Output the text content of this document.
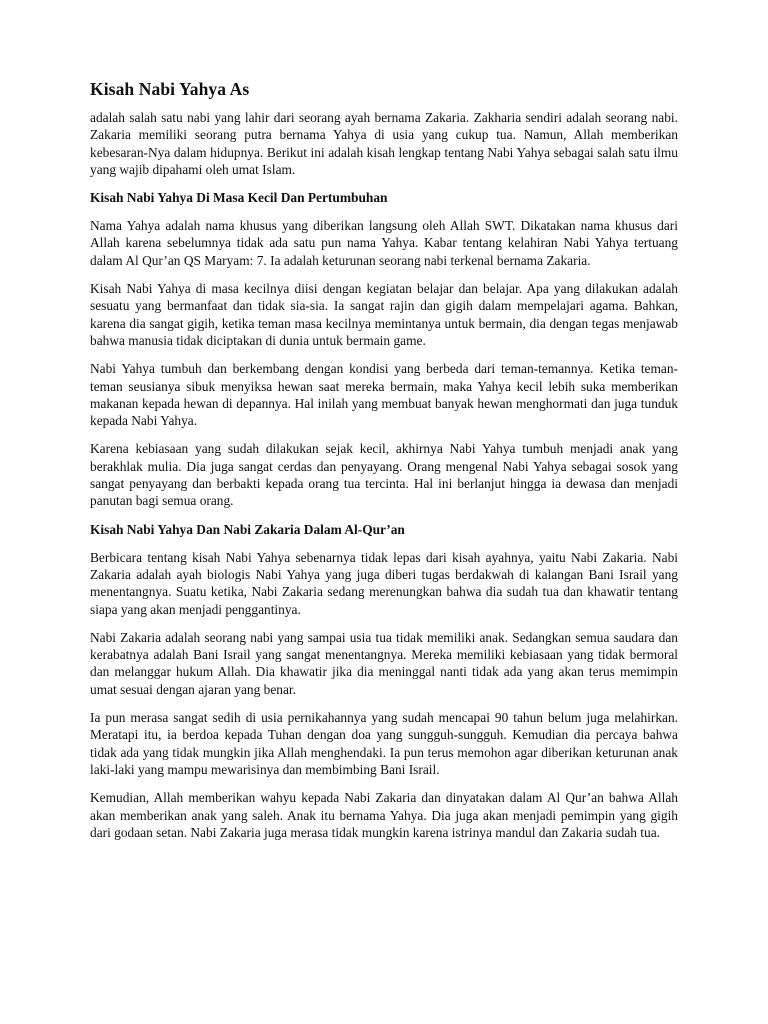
Kisah Nabi Yahya As

adalah salah satu nabi yang lahir dari seorang ayah bernama Zakaria. Zakharia sendiri adalah seorang nabi. Zakaria memiliki seorang putra bernama Yahya di usia yang cukup tua. Namun, Allah memberikan kebesaran-Nya dalam hidupnya. Berikut ini adalah kisah lengkap tentang Nabi Yahya sebagai salah satu ilmu yang wajib dipahami oleh umat Islam.

Kisah Nabi Yahya Di Masa Kecil Dan Pertumbuhan

Nama Yahya adalah nama khusus yang diberikan langsung oleh Allah SWT. Dikatakan nama khusus dari Allah karena sebelumnya tidak ada satu pun nama Yahya. Kabar tentang kelahiran Nabi Yahya tertuang dalam Al Qur’an QS Maryam: 7. Ia adalah keturunan seorang nabi terkenal bernama Zakaria.

Kisah Nabi Yahya di masa kecilnya diisi dengan kegiatan belajar dan belajar. Apa yang dilakukan adalah sesuatu yang bermanfaat dan tidak sia-sia. Ia sangat rajin dan gigih dalam mempelajari agama. Bahkan, karena dia sangat gigih, ketika teman masa kecilnya memintanya untuk bermain, dia dengan tegas menjawab bahwa manusia tidak diciptakan di dunia untuk bermain game.

Nabi Yahya tumbuh dan berkembang dengan kondisi yang berbeda dari teman-temannya. Ketika teman-teman seusianya sibuk menyiksa hewan saat mereka bermain, maka Yahya kecil lebih suka memberikan makanan kepada hewan di depannya. Hal inilah yang membuat banyak hewan menghormati dan juga tunduk kepada Nabi Yahya.

Karena kebiasaan yang sudah dilakukan sejak kecil, akhirnya Nabi Yahya tumbuh menjadi anak yang berakhlak mulia. Dia juga sangat cerdas dan penyayang. Orang mengenal Nabi Yahya sebagai sosok yang sangat penyayang dan berbakti kepada orang tua tercinta. Hal ini berlanjut hingga ia dewasa dan menjadi panutan bagi semua orang.

Kisah Nabi Yahya Dan Nabi Zakaria Dalam Al-Qur’an

Berbicara tentang kisah Nabi Yahya sebenarnya tidak lepas dari kisah ayahnya, yaitu Nabi Zakaria. Nabi Zakaria adalah ayah biologis Nabi Yahya yang juga diberi tugas berdakwah di kalangan Bani Israil yang menentangnya. Suatu ketika, Nabi Zakaria sedang merenungkan bahwa dia sudah tua dan khawatir tentang siapa yang akan menjadi penggantinya.

Nabi Zakaria adalah seorang nabi yang sampai usia tua tidak memiliki anak. Sedangkan semua saudara dan kerabatnya adalah Bani Israil yang sangat menentangnya. Mereka memiliki kebiasaan yang tidak bermoral dan melanggar hukum Allah. Dia khawatir jika dia meninggal nanti tidak ada yang akan terus memimpin umat sesuai dengan ajaran yang benar.

Ia pun merasa sangat sedih di usia pernikahannya yang sudah mencapai 90 tahun belum juga melahirkan. Meratapi itu, ia berdoa kepada Tuhan dengan doa yang sungguh-sungguh. Kemudian dia percaya bahwa tidak ada yang tidak mungkin jika Allah menghendaki. Ia pun terus memohon agar diberikan keturunan anak laki-laki yang mampu mewarisinya dan membimbing Bani Israil.

Kemudian, Allah memberikan wahyu kepada Nabi Zakaria dan dinyatakan dalam Al Qur’an bahwa Allah akan memberikan anak yang saleh. Anak itu bernama Yahya. Dia juga akan menjadi pemimpin yang gigih dari godaan setan. Nabi Zakaria juga merasa tidak mungkin karena istrinya mandul dan Zakaria sudah tua.
